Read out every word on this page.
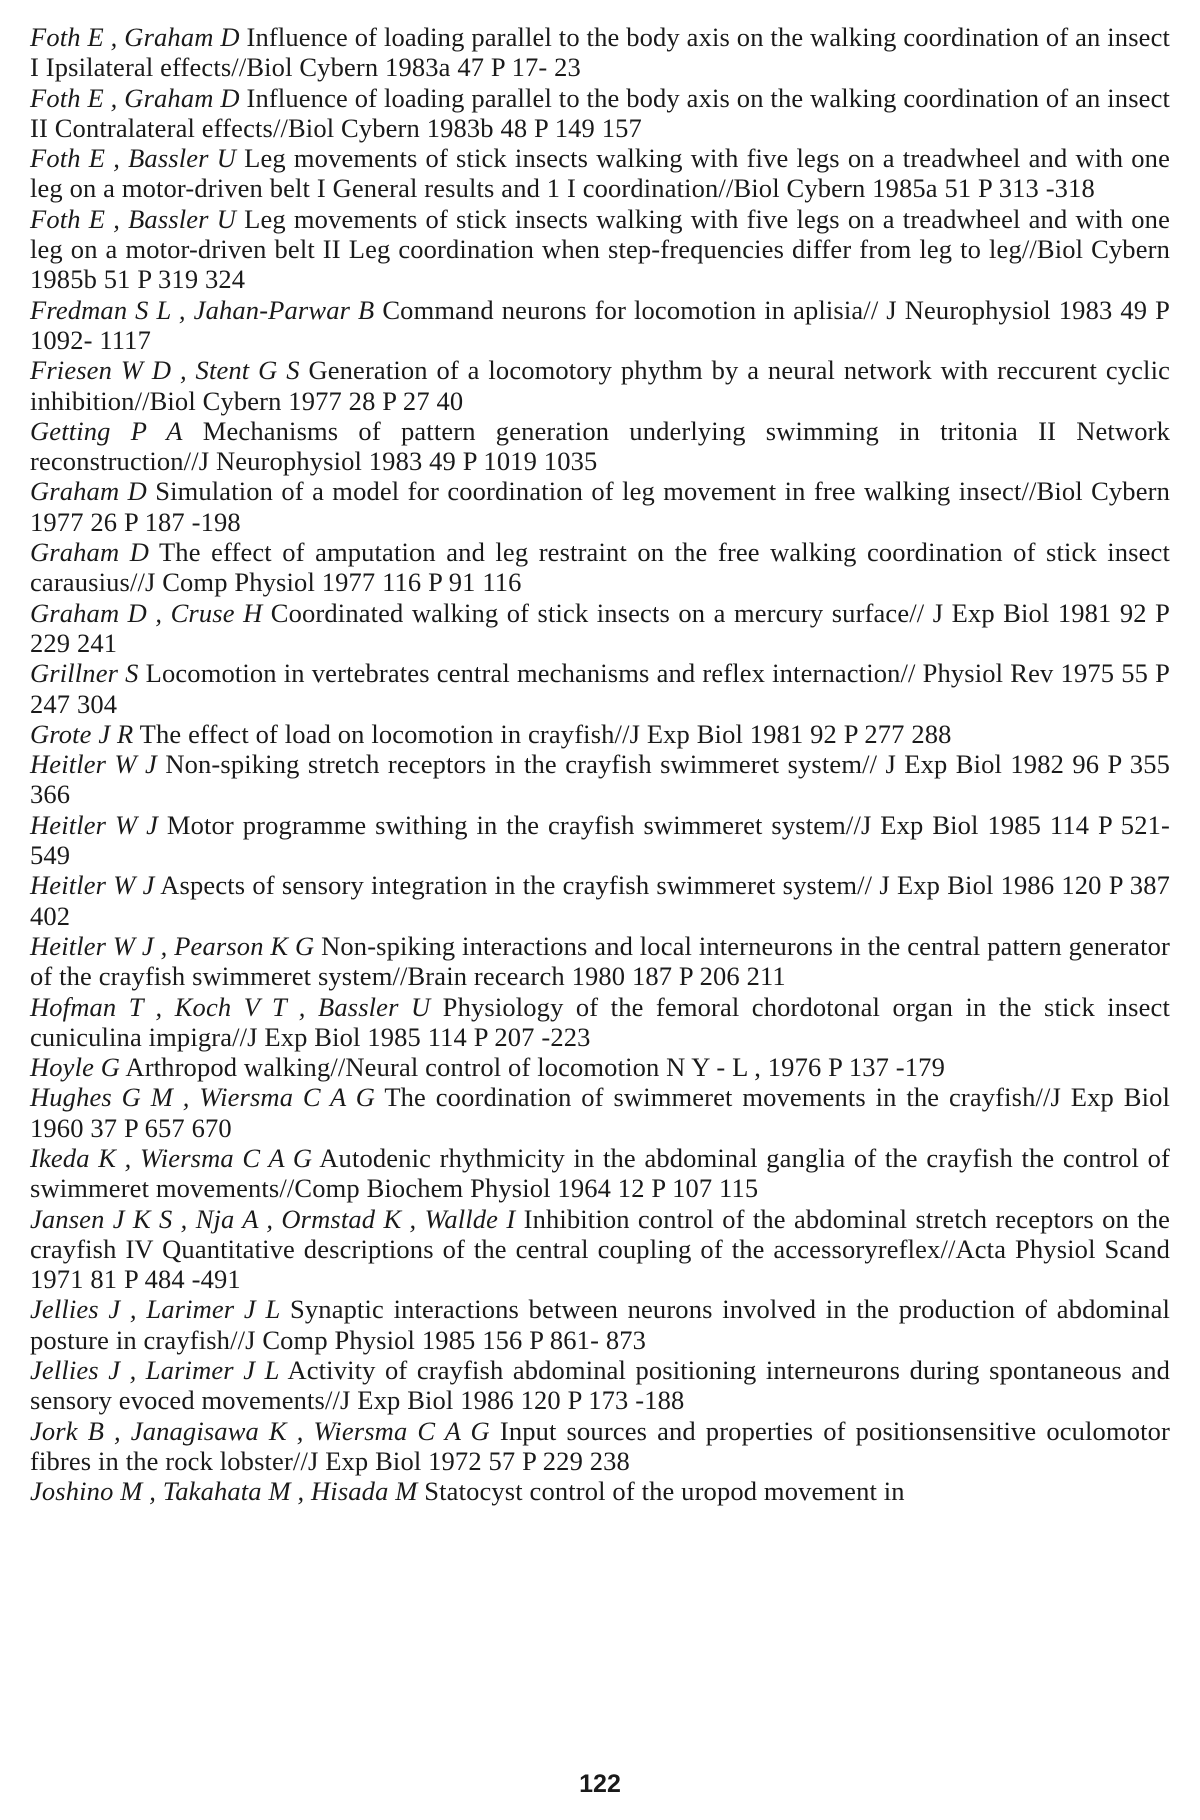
Foth E , Graham D Influence of loading parallel to the body axis on the walking coordination of an insect I Ipsilateral effects//Biol Cybern 1983a 47 P 17- 23

Foth E , Graham D Influence of loading parallel to the body axis on the walking coordination of an insect II Contralateral effects//Biol Cybern 1983b 48 P 149 157

Foth E , Bassler U Leg movements of stick insects walking with five legs on a treadwheel and with one leg on a motor-driven belt I General results and 1 I coordination//Biol Cybern 1985a 51 P 313 -318

Foth E , Bassler U Leg movements of stick insects walking with five legs on a treadwheel and with one leg on a motor-driven belt II Leg coordination when step-frequencies differ from leg to leg//Biol Cybern 1985b 51 P 319 324

Fredman S L , Jahan-Parwar B Command neurons for locomotion in aplisia// J Neurophysiol 1983 49 P 1092- 1117

Friesen W D , Stent G S Generation of a locomotory phythm by a neural network with reccurent cyclic inhibition//Biol Cybern 1977 28 P 27 40

Getting P A Mechanisms of pattern generation underlying swimming in tritonia II Network reconstruction//J Neurophysiol 1983 49 P 1019 1035

Graham D Simulation of a model for coordination of leg movement in free walking insect//Biol Cybern 1977 26 P 187 -198

Graham D The effect of amputation and leg restraint on the free walking coordination of stick insect carausius//J Comp Physiol 1977 116 P 91 116

Graham D , Cruse H Coordinated walking of stick insects on a mercury surface// J Exp Biol 1981 92 P 229 241

Grillner S Locomotion in vertebrates central mechanisms and reflex internaction// Physiol Rev 1975 55 P 247 304

Grote J R The effect of load on locomotion in crayfish//J Exp Biol 1981 92 P 277 288

Heitler W J Non-spiking stretch receptors in the crayfish swimmeret system// J Exp Biol 1982 96 P 355 366

Heitler W J Motor programme swithing in the crayfish swimmeret system//J Exp Biol 1985 114 P 521- 549

Heitler W J Aspects of sensory integration in the crayfish swimmeret system// J Exp Biol 1986 120 P 387 402

Heitler W J , Pearson K G Non-spiking interactions and local interneurons in the central pattern generator of the crayfish swimmeret system//Brain recearch 1980 187 P 206 211

Hofman T , Koch V T , Bassler U Physiology of the femoral chordotonal organ in the stick insect cuniculina impigra//J Exp Biol 1985 114 P 207 -223

Hoyle G Arthropod walking//Neural control of locomotion N Y - L , 1976 P 137 -179

Hughes G M , Wiersma C A G The coordination of swimmeret movements in the crayfish//J Exp Biol 1960 37 P 657 670

Ikeda K , Wiersma C A G Autodenic rhythmicity in the abdominal ganglia of the crayfish the control of swimmeret movements//Comp Biochem Physiol 1964 12 P 107 115

Jansen J K S , Nja A , Ormstad K , Wallde I Inhibition control of the abdominal stretch receptors on the crayfish IV Quantitative descriptions of the central coupling of the accessoryreflex//Acta Physiol Scand 1971 81 P 484 -491

Jellies J , Larimer J L Synaptic interactions between neurons involved in the production of abdominal posture in crayfish//J Comp Physiol 1985 156 P 861- 873

Jellies J , Larimer J L Activity of crayfish abdominal positioning interneurons during spontaneous and sensory evoced movements//J Exp Biol 1986 120 P 173 -188

Jork B , Janagisawa K , Wiersma C A G Input sources and properties of positionsensitive oculomotor fibres in the rock lobster//J Exp Biol 1972 57 P 229 238

Joshino M , Takahata M , Hisada M Statocyst control of the uropod movement in

122
